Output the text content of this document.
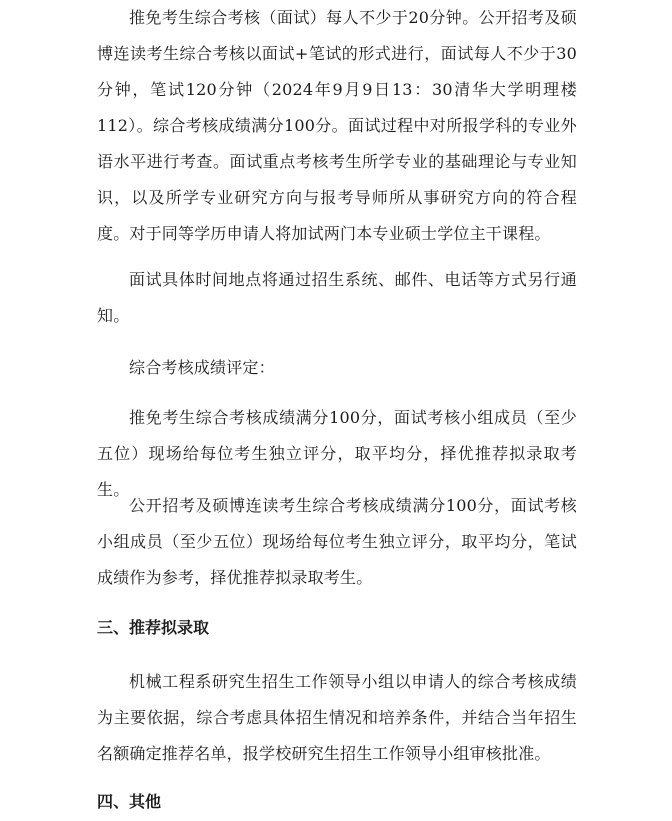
推免考生综合考核（面试）每人不少于20分钟。公开招考及硕博连读考生综合考核以面试+笔试的形式进行，面试每人不少于30分钟，笔试120分钟（2024年9月9日13：30清华大学明理楼112）。综合考核成绩满分100分。面试过程中对所报学科的专业外语水平进行考查。面试重点考核考生所学专业的基础理论与专业知识，以及所学专业研究方向与报考导师所从事研究方向的符合程度。对于同等学历申请人将加试两门本专业硕士学位主干课程。

面试具体时间地点将通过招生系统、邮件、电话等方式另行通知。

综合考核成绩评定：

推免考生综合考核成绩满分100分，面试考核小组成员（至少五位）现场给每位考生独立评分，取平均分，择优推荐拟录取考生。

公开招考及硕博连读考生综合考核成绩满分100分，面试考核小组成员（至少五位）现场给每位考生独立评分，取平均分，笔试成绩作为参考，择优推荐拟录取考生。

三、推荐拟录取

机械工程系研究生招生工作领导小组以申请人的综合考核成绩为主要依据，综合考虑具体招生情况和培养条件，并结合当年招生名额确定推荐名单，报学校研究生招生工作领导小组审核批准。

四、其他
